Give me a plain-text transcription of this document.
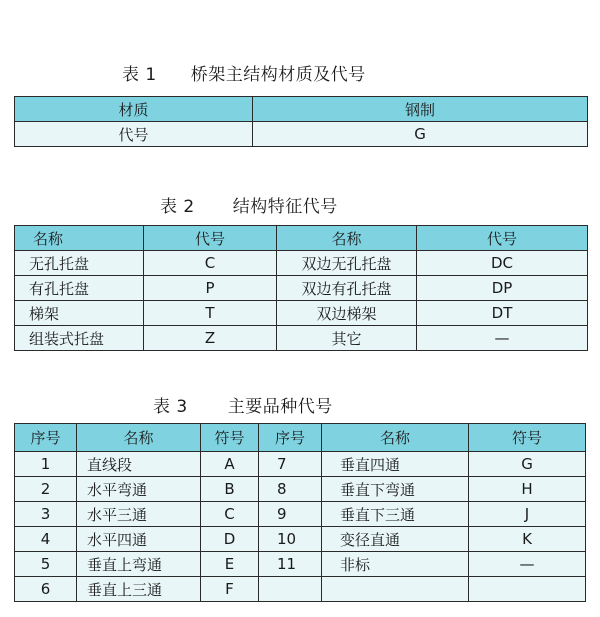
表 1 桥架主结构材质及代号
材质	钢制
代号	G
表 2 结构特征代号
名称	代号	名称	代号
无孔托盘	C	双边无孔托盘	DC
有孔托盘	P	双边有孔托盘	DP
梯架	T	双边梯架	DT
组装式托盘	Z	其它	—
表 3 主要品种代号
序号	名称	符号	序号	名称	符号
1	直线段	A	7	垂直四通	G
2	水平弯通	B	8	垂直下弯通	H
3	水平三通	C	9	垂直下三通	J
4	水平四通	D	10	变径直通	K
5	垂直上弯通	E	11	非标	—
6	垂直上三通	F			
